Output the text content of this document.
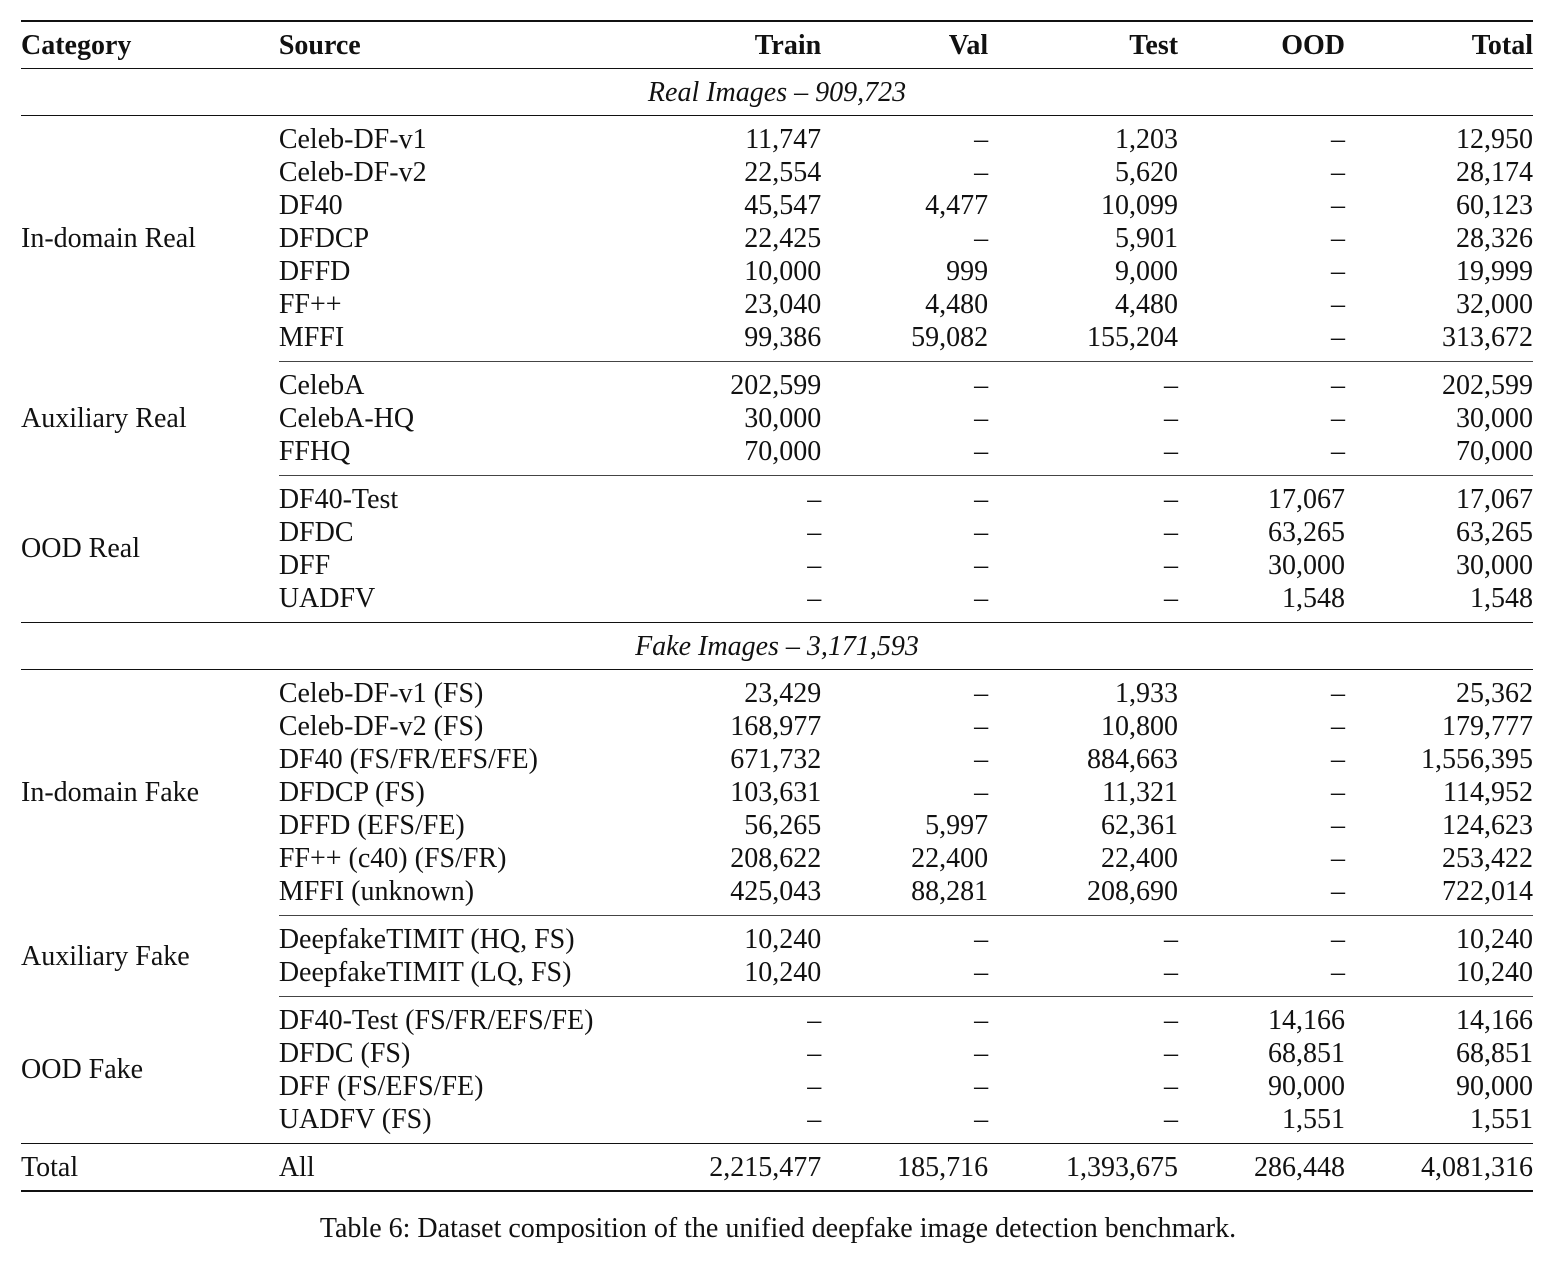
Category	Source	Train	Val	Test	OOD	Total
Real Images – 909,723						
In-domain Real	Celeb-DF-v1	11,747	–	1,203	–	12,950
	Celeb-DF-v2	22,554	–	5,620	–	28,174
	DF40	45,547	4,477	10,099	–	60,123
	DFDCP	22,425	–	5,901	–	28,326
	DFFD	10,000	999	9,000	–	19,999
	FF++	23,040	4,480	4,480	–	32,000
	MFFI	99,386	59,082	155,204	–	313,672
Auxiliary Real	CelebA	202,599	–	–	–	202,599
	CelebA-HQ	30,000	–	–	–	30,000
	FFHQ	70,000	–	–	–	70,000
OOD Real	DF40-Test	–	–	–	17,067	17,067
	DFDC	–	–	–	63,265	63,265
	DFF	–	–	–	30,000	30,000
	UADFV	–	–	–	1,548	1,548
Fake Images – 3,171,593						
In-domain Fake	Celeb-DF-v1 (FS)	23,429	–	1,933	–	25,362
	Celeb-DF-v2 (FS)	168,977	–	10,800	–	179,777
	DF40 (FS/FR/EFS/FE)	671,732	–	884,663	–	1,556,395
	DFDCP (FS)	103,631	–	11,321	–	114,952
	DFFD (EFS/FE)	56,265	5,997	62,361	–	124,623
	FF++ (c40) (FS/FR)	208,622	22,400	22,400	–	253,422
	MFFI (unknown)	425,043	88,281	208,690	–	722,014
Auxiliary Fake	DeepfakeTIMIT (HQ, FS)	10,240	–	–	–	10,240
	DeepfakeTIMIT (LQ, FS)	10,240	–	–	–	10,240
OOD Fake	DF40-Test (FS/FR/EFS/FE)	–	–	–	14,166	14,166
	DFDC (FS)	–	–	–	68,851	68,851
	DFF (FS/EFS/FE)	–	–	–	90,000	90,000
	UADFV (FS)	–	–	–	1,551	1,551
Total	All	2,215,477	185,716	1,393,675	286,448	4,081,316
Table 6: Dataset composition of the unified deepfake image detection benchmark.
